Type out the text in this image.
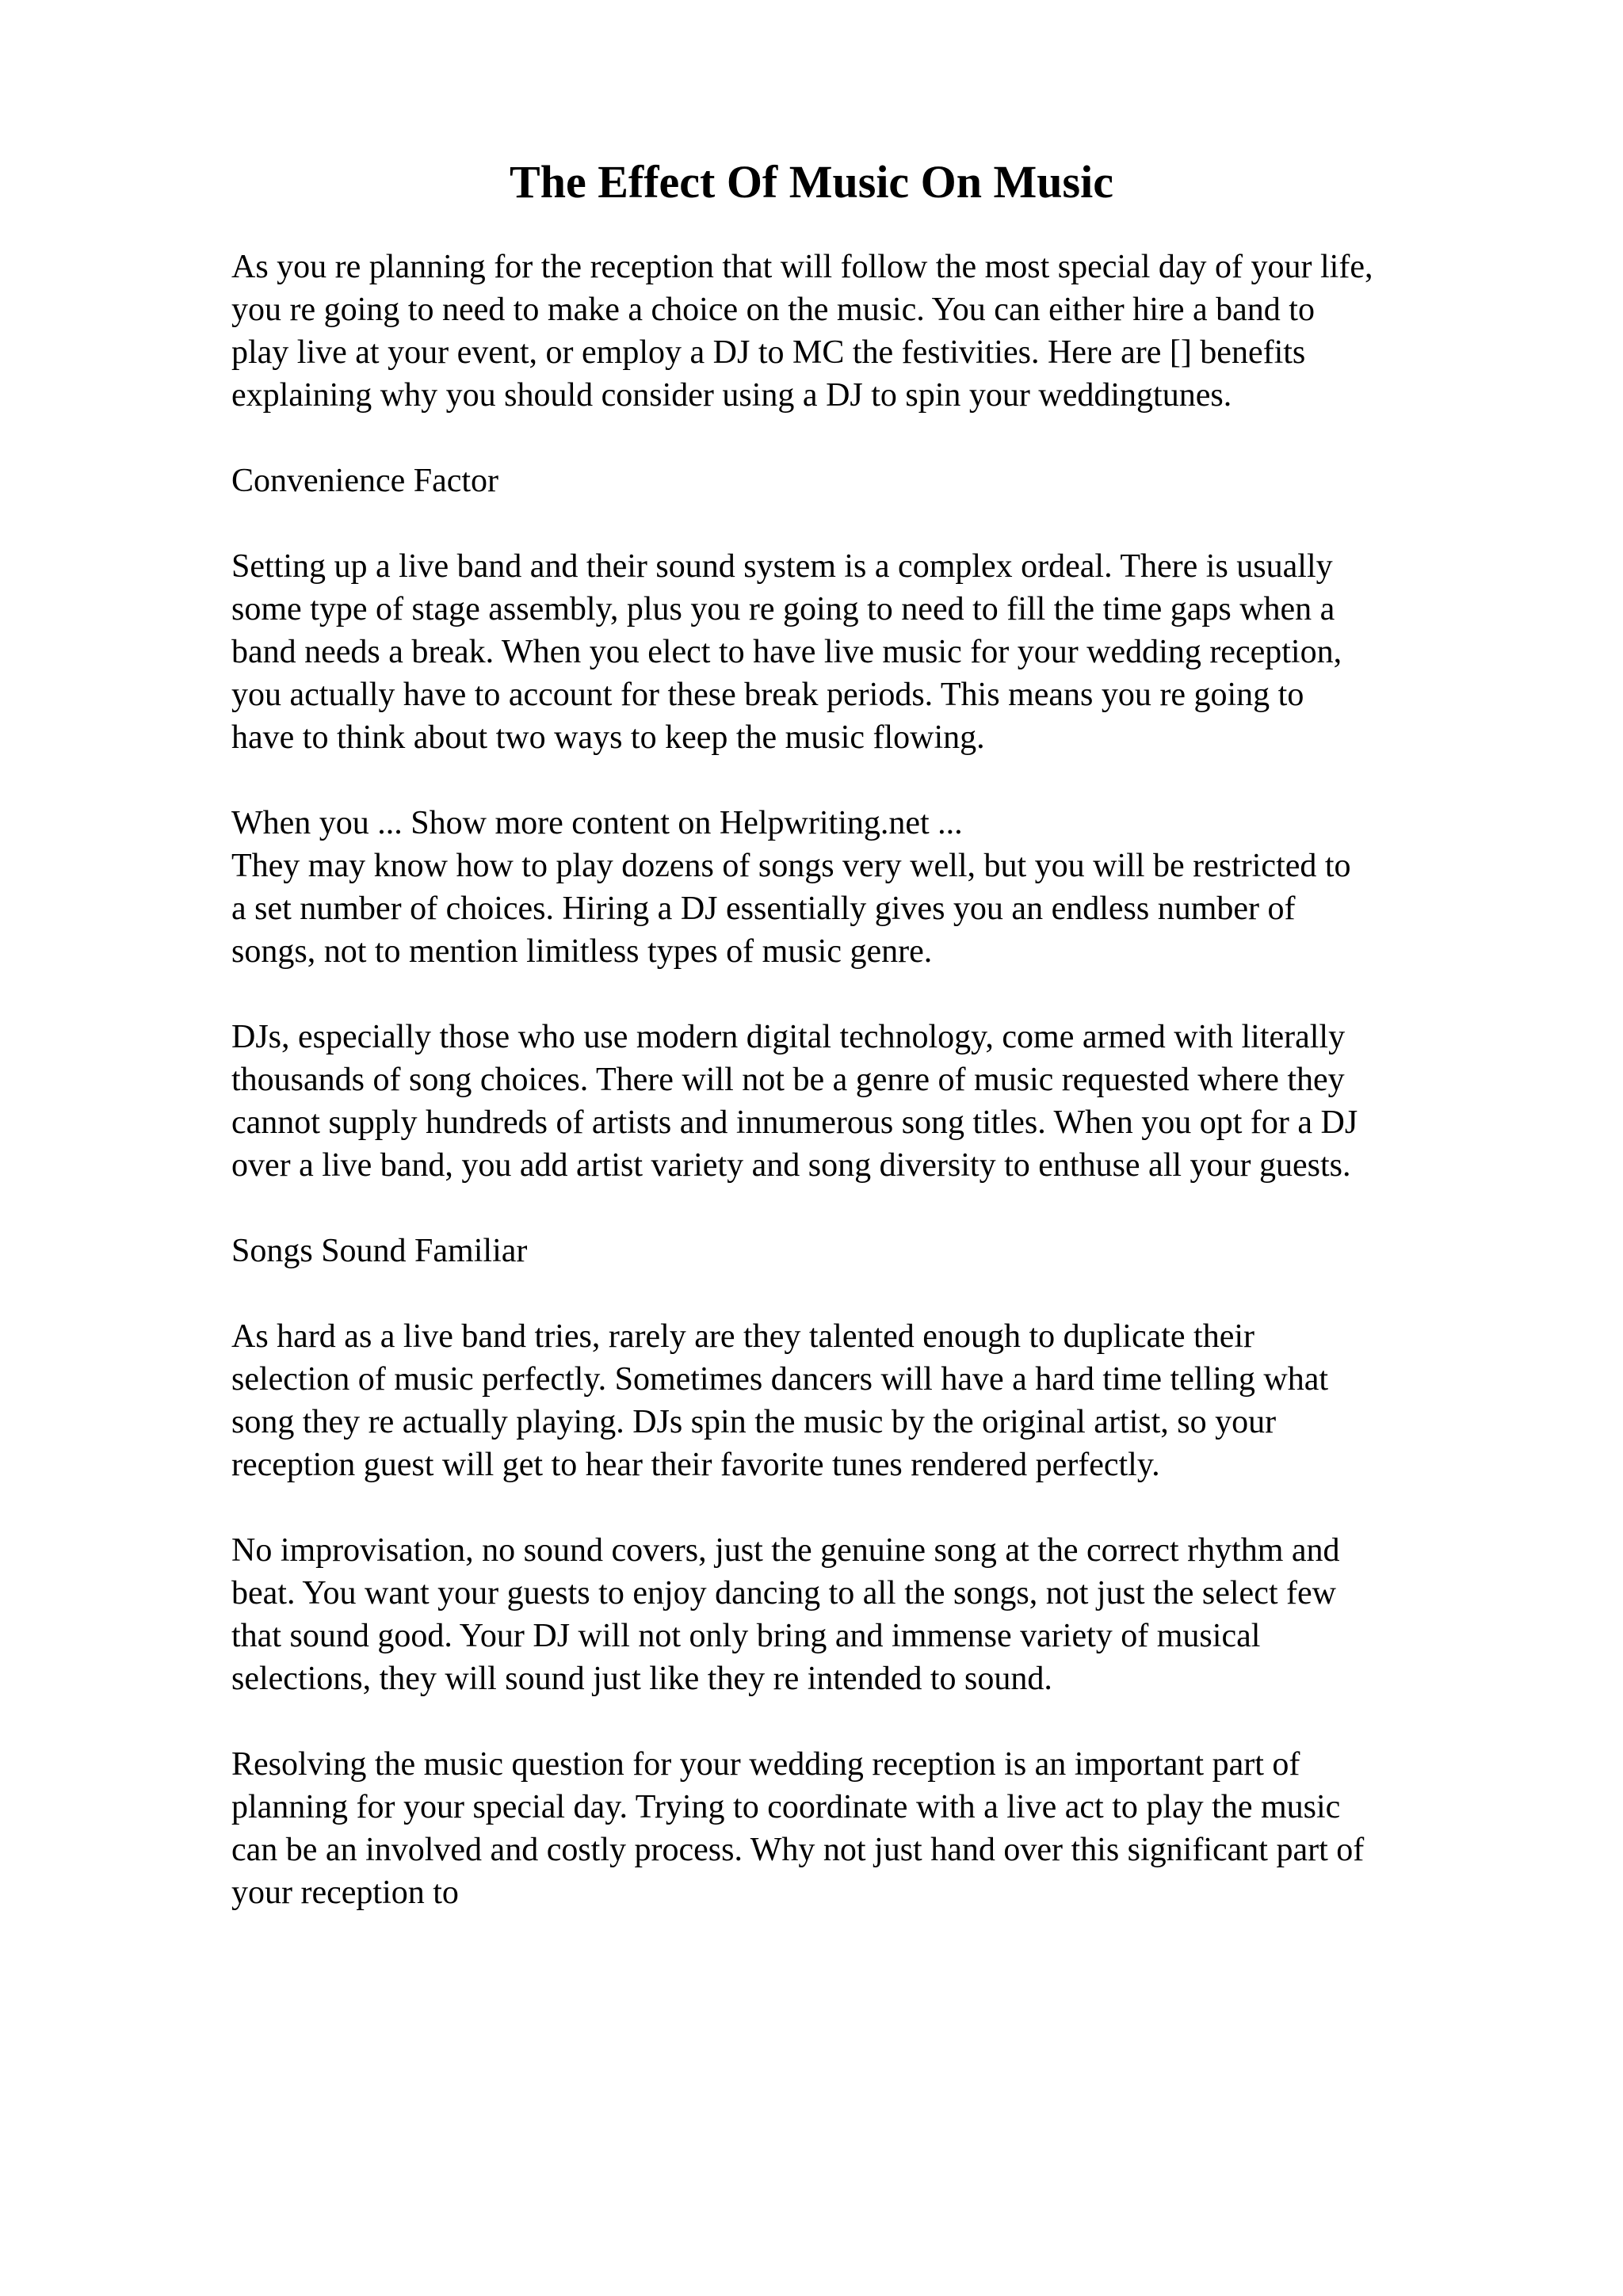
The Effect Of Music On Music

As you re planning for the reception that will follow the most special day of your life,
you re going to need to make a choice on the music. You can either hire a band to
play live at your event, or employ a DJ to MC the festivities. Here are [] benefits
explaining why you should consider using a DJ to spin your weddingtunes.

Convenience Factor

Setting up a live band and their sound system is a complex ordeal. There is usually
some type of stage assembly, plus you re going to need to fill the time gaps when a
band needs a break. When you elect to have live music for your wedding reception,
you actually have to account for these break periods. This means you re going to
have to think about two ways to keep the music flowing.

When you ... Show more content on Helpwriting.net ...
They may know how to play dozens of songs very well, but you will be restricted to
a set number of choices. Hiring a DJ essentially gives you an endless number of
songs, not to mention limitless types of music genre.

DJs, especially those who use modern digital technology, come armed with literally
thousands of song choices. There will not be a genre of music requested where they
cannot supply hundreds of artists and innumerous song titles. When you opt for a DJ
over a live band, you add artist variety and song diversity to enthuse all your guests.

Songs Sound Familiar

As hard as a live band tries, rarely are they talented enough to duplicate their
selection of music perfectly. Sometimes dancers will have a hard time telling what
song they re actually playing. DJs spin the music by the original artist, so your
reception guest will get to hear their favorite tunes rendered perfectly.

No improvisation, no sound covers, just the genuine song at the correct rhythm and
beat. You want your guests to enjoy dancing to all the songs, not just the select few
that sound good. Your DJ will not only bring and immense variety of musical
selections, they will sound just like they re intended to sound.

Resolving the music question for your wedding reception is an important part of
planning for your special day. Trying to coordinate with a live act to play the music
can be an involved and costly process. Why not just hand over this significant part of
your reception to
